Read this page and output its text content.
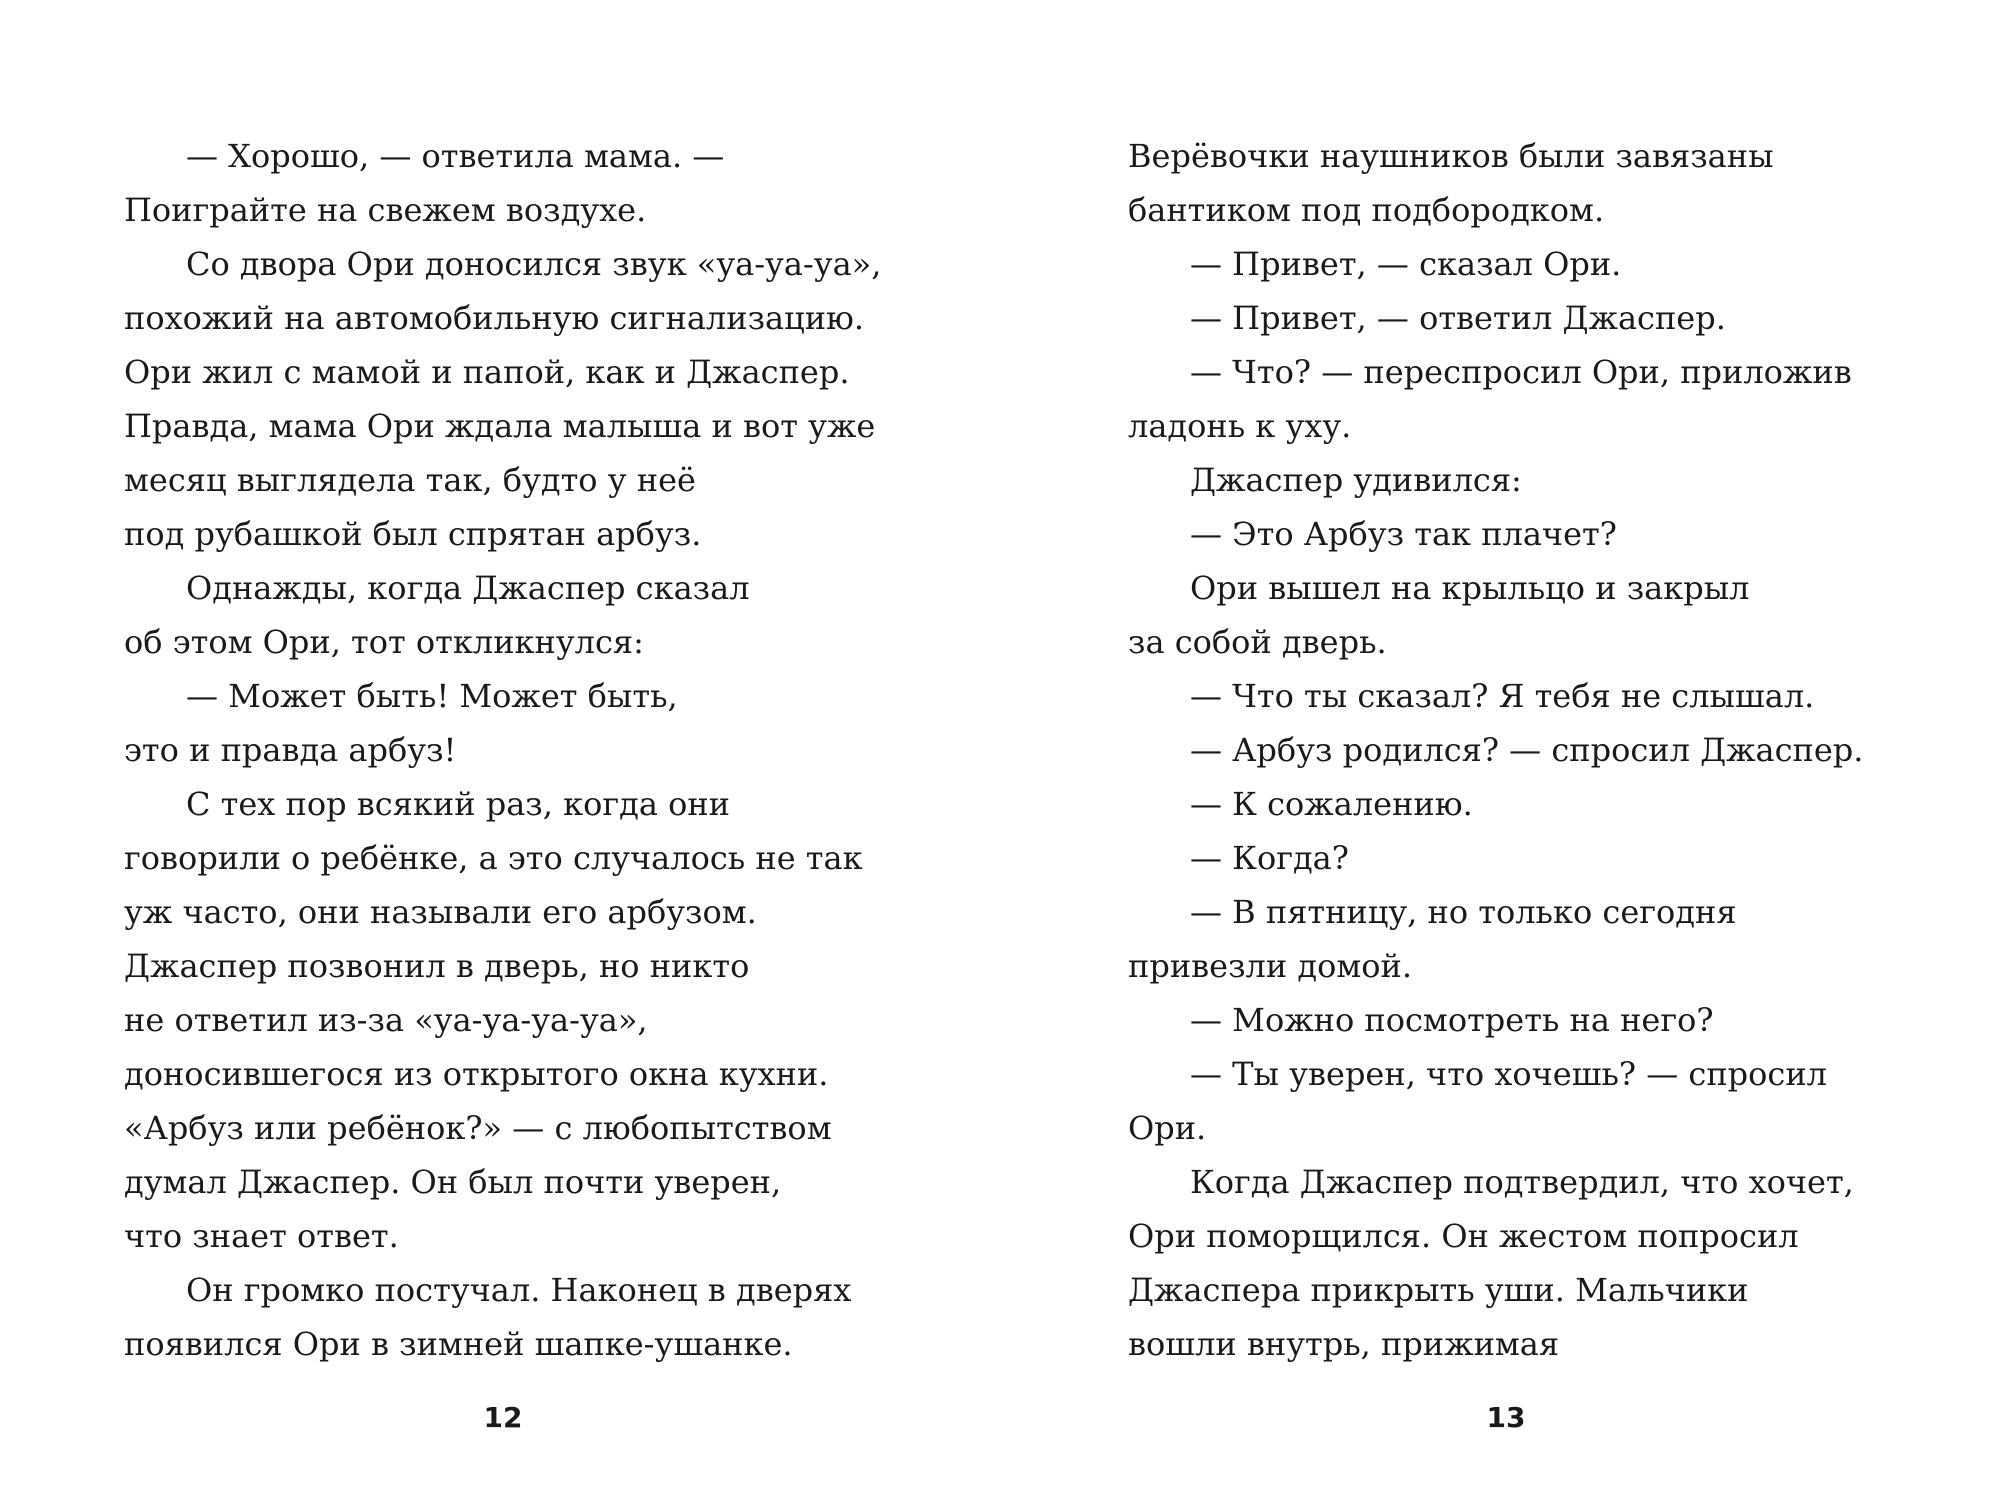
— Хорошо, — ответила мама. —
Поиграйте на свежем воздухе.
Со двора Ори доносился звук «уа-уа-уа»,
похожий на автомобильную сигнализацию.
Ори жил с мамой и папой, как и Джаспер.
Правда, мама Ори ждала малыша и вот уже
месяц выглядела так, будто у неё
под рубашкой был спрятан арбуз.
Однажды, когда Джаспер сказал
об этом Ори, тот откликнулся:
— Может быть! Может быть,
это и правда арбуз!
С тех пор всякий раз, когда они
говорили о ребёнке, а это случалось не так
уж часто, они называли его арбузом.
Джаспер позвонил в дверь, но никто
не ответил из-за «уа-уа-уа-уа»,
доносившегося из открытого окна кухни.
«Арбуз или ребёнок?» — с любопытством
думал Джаспер. Он был почти уверен,
что знает ответ.
Он громко постучал. Наконец в дверях
появился Ори в зимней шапке-ушанке.
12
Верёвочки наушников были завязаны
бантиком под подбородком.
— Привет, — сказал Ори.
— Привет, — ответил Джаспер.
— Что? — переспросил Ори, приложив
ладонь к уху.
Джаспер удивился:
— Это Арбуз так плачет?
Ори вышел на крыльцо и закрыл
за собой дверь.
— Что ты сказал? Я тебя не слышал.
— Арбуз родился? — спросил Джаспер.
— К сожалению.
— Когда?
— В пятницу, но только сегодня
привезли домой.
— Можно посмотреть на него?
— Ты уверен, что хочешь? — спросил
Ори.
Когда Джаспер подтвердил, что хочет,
Ори поморщился. Он жестом попросил
Джаспера прикрыть уши. Мальчики
вошли внутрь, прижимая
13
